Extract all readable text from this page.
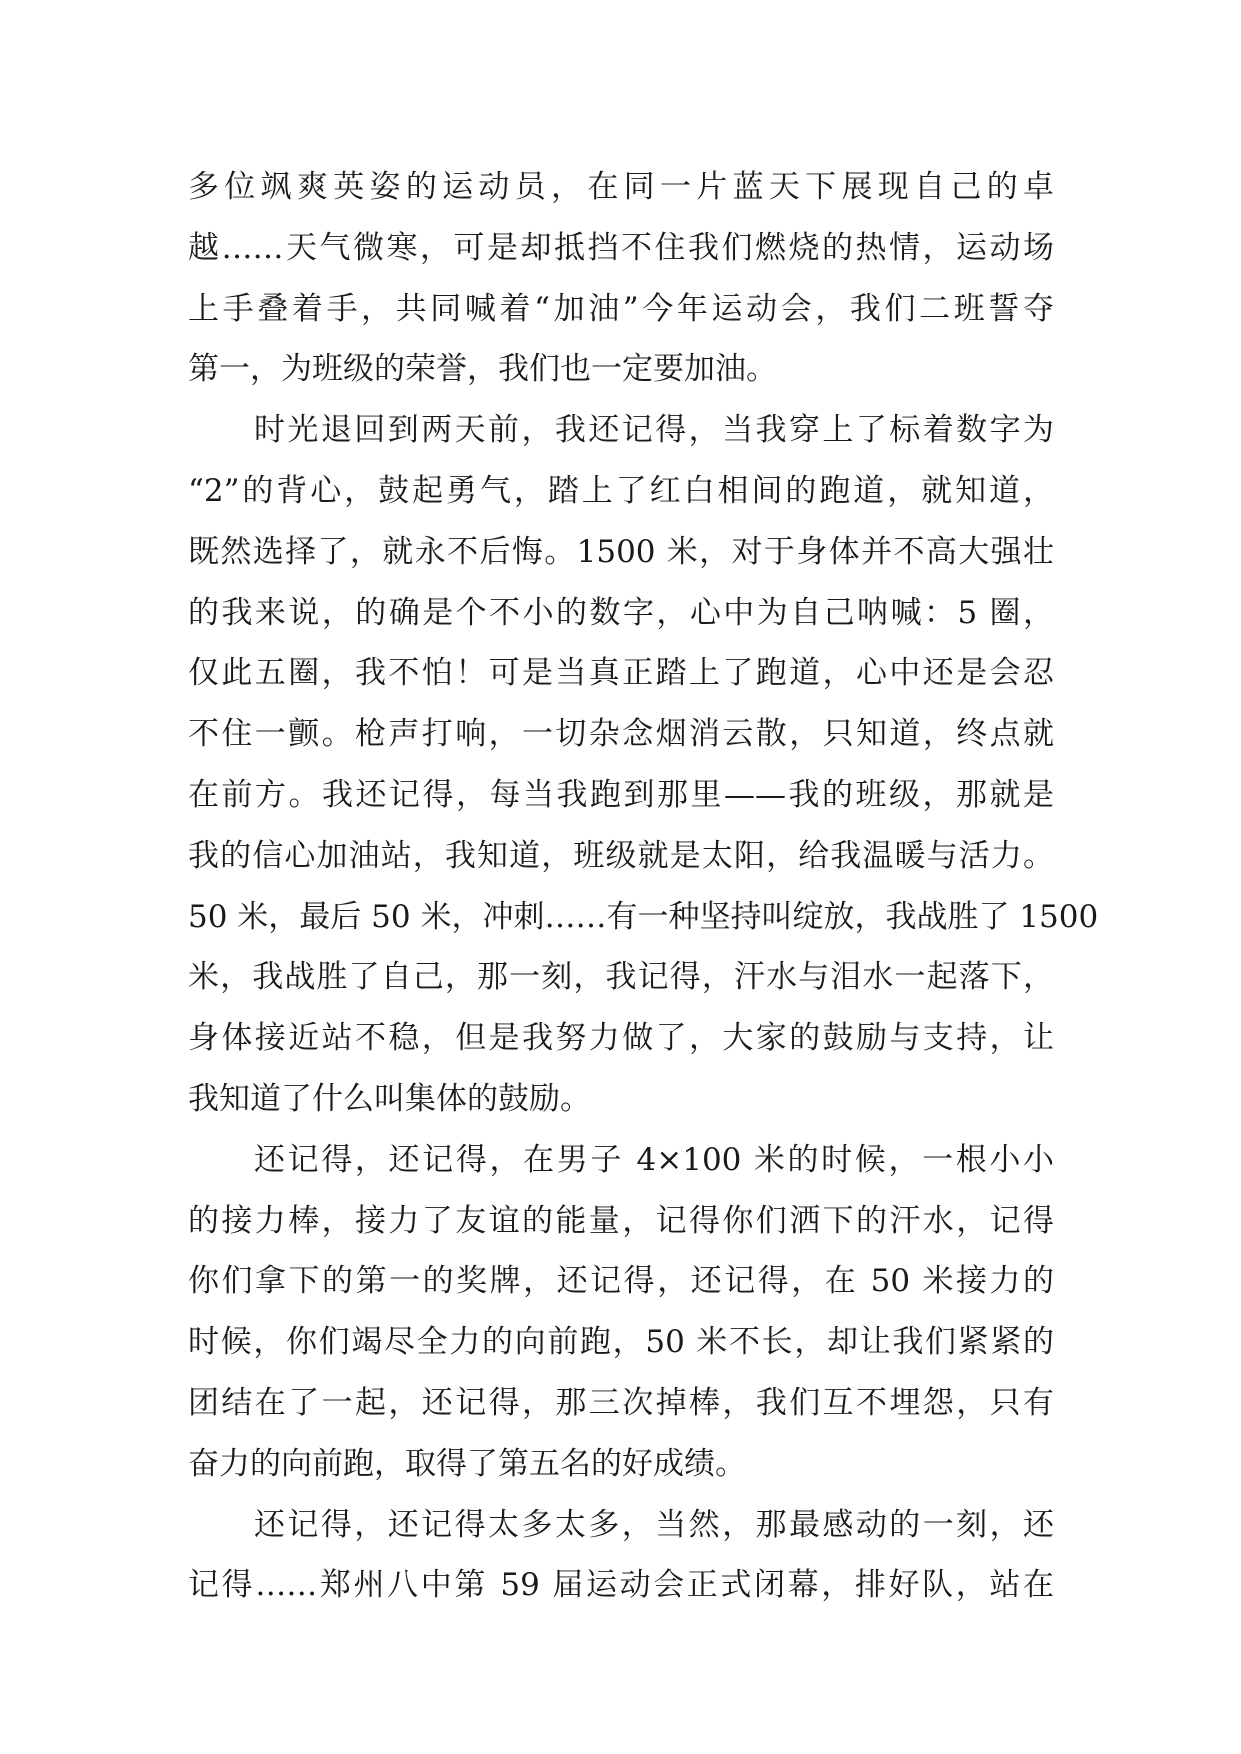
多位飒爽英姿的运动员，在同一片蓝天下展现自己的卓
越……天气微寒，可是却抵挡不住我们燃烧的热情，运动场
上手叠着手，共同喊着“加油”今年运动会，我们二班誓夺
第一，为班级的荣誉，我们也一定要加油。
时光退回到两天前，我还记得，当我穿上了标着数字为
“2”的背心，鼓起勇气，踏上了红白相间的跑道，就知道，
既然选择了，就永不后悔。1500 米，对于身体并不高大强壮
的我来说，的确是个不小的数字，心中为自己呐喊：5 圈，
仅此五圈，我不怕！可是当真正踏上了跑道，心中还是会忍
不住一颤。枪声打响，一切杂念烟消云散，只知道，终点就
在前方。我还记得，每当我跑到那里——我的班级，那就是
我的信心加油站，我知道，班级就是太阳，给我温暖与活力。
50 米，最后 50 米，冲刺……有一种坚持叫绽放，我战胜了 1500
米，我战胜了自己，那一刻，我记得，汗水与泪水一起落下，
身体接近站不稳，但是我努力做了，大家的鼓励与支持，让
我知道了什么叫集体的鼓励。
还记得，还记得，在男子 4×100 米的时候，一根小小
的接力棒，接力了友谊的能量，记得你们洒下的汗水，记得
你们拿下的第一的奖牌，还记得，还记得，在 50 米接力的
时候，你们竭尽全力的向前跑，50 米不长，却让我们紧紧的
团结在了一起，还记得，那三次掉棒，我们互不埋怨，只有
奋力的向前跑，取得了第五名的好成绩。
还记得，还记得太多太多，当然，那最感动的一刻，还
记得……郑州八中第 59 届运动会正式闭幕，排好队，站在
